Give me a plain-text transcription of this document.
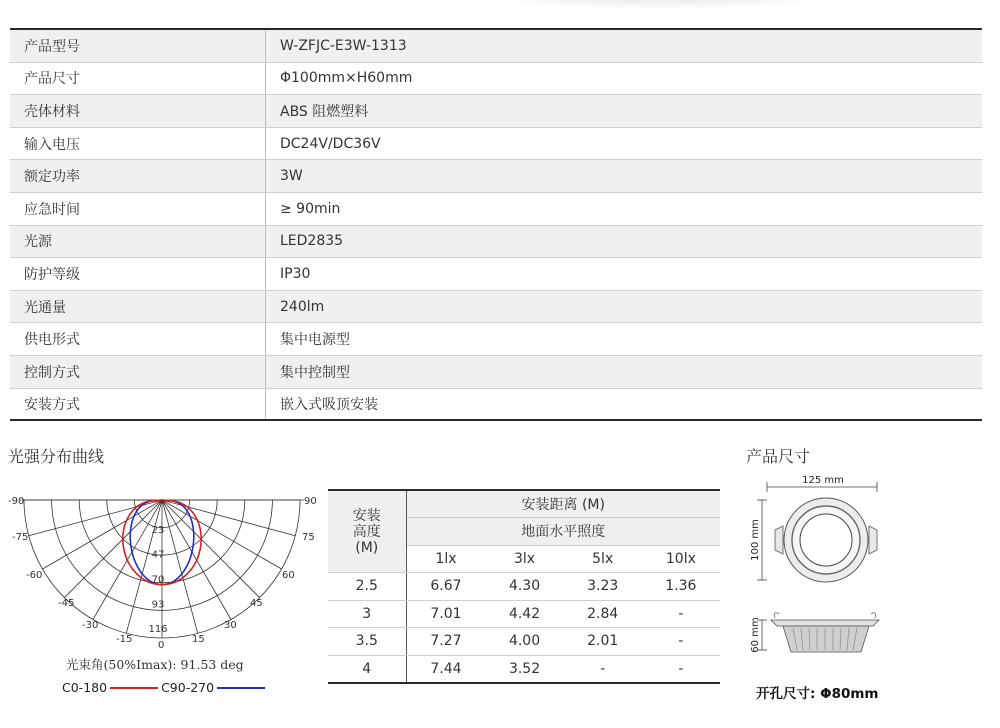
产品型号	W-ZFJC-E3W-1313
产品尺寸	Φ100mm×H60mm
壳体材料	ABS 阻燃塑料
输入电压	DC24V/DC36V
额定功率	3W
应急时间	≥ 90min
光源	LED2835
防护等级	IP30
光通量	240lm
供电形式	集中电源型
控制方式	集中控制型
安装方式	嵌入式吸顶安装
光强分布曲线
-90	90
-75	75
-60	60
-45	45
-30	30
-15	15
0
23
47
70
93
116
光束角(50%Imax): 91.53 deg
C0-180	C90-270
安装
高度
(M)	安装距离 (M)			
	地面水平照度			
	1lx	3lx	5lx	10lx
2.5	6.67	4.30	3.23	1.36
3	7.01	4.42	2.84	-
3.5	7.27	4.00	2.01	-
4	7.44	3.52	-	-
产品尺寸
125 mm
100 mm
60 mm
开孔尺寸: Φ80mm
